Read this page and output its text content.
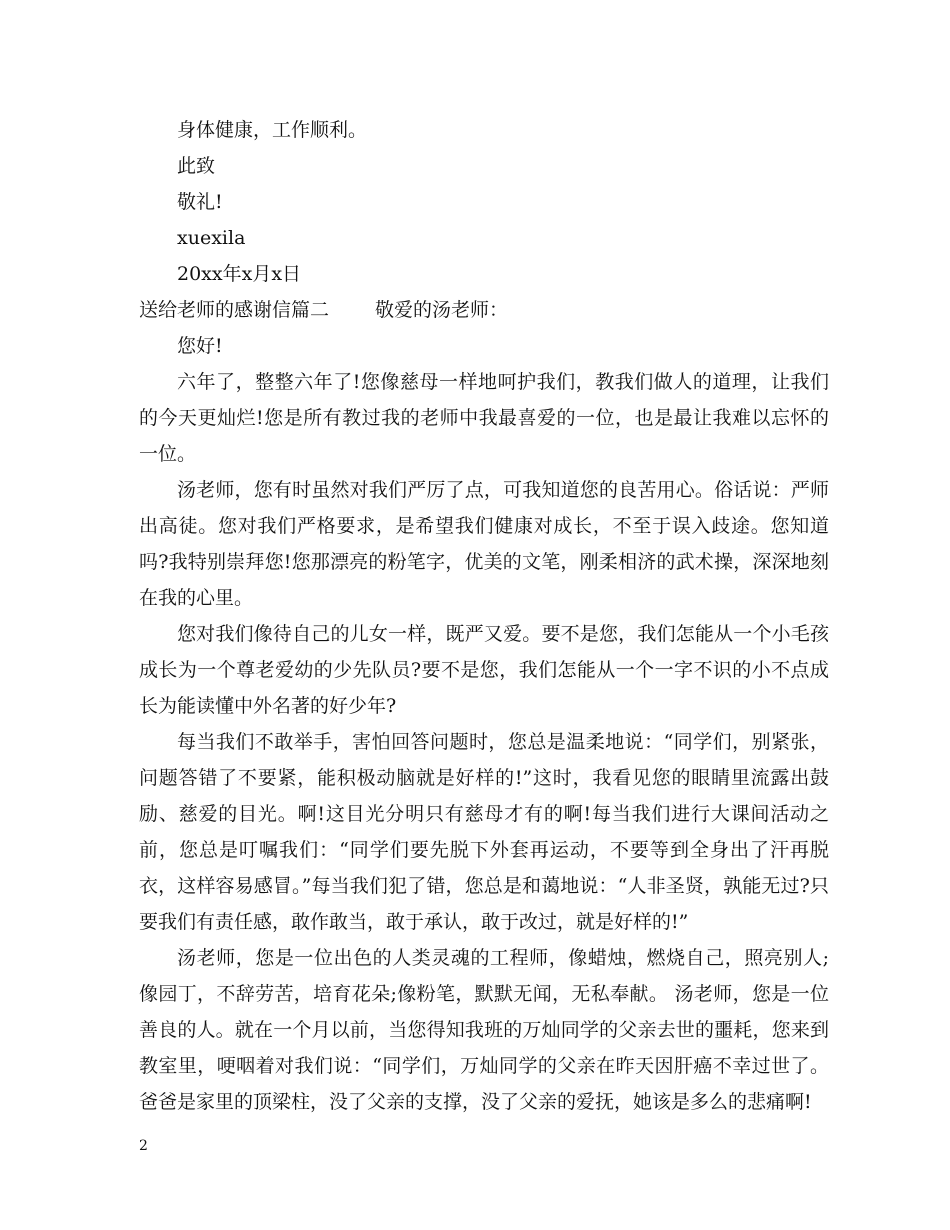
身体健康，工作顺利。

此致

敬礼!

xuexila

20xx年x月x日

送给老师的感谢信篇二 敬爱的汤老师：

您好!

六年了，整整六年了!您像慈母一样地呵护我们，教我们做人的道理，让我们的今天更灿烂!您是所有教过我的老师中我最喜爱的一位，也是最让我难以忘怀的一位。

汤老师，您有时虽然对我们严厉了点，可我知道您的良苦用心。俗话说：严师出高徒。您对我们严格要求，是希望我们健康对成长，不至于误入歧途。您知道吗?我特别崇拜您!您那漂亮的粉笔字，优美的文笔，刚柔相济的武术操，深深地刻在我的心里。

您对我们像待自己的儿女一样，既严又爱。要不是您，我们怎能从一个小毛孩成长为一个尊老爱幼的少先队员?要不是您，我们怎能从一个一字不识的小不点成长为能读懂中外名著的好少年?

每当我们不敢举手，害怕回答问题时，您总是温柔地说：“同学们，别紧张，问题答错了不要紧，能积极动脑就是好样的!”这时，我看见您的眼睛里流露出鼓励、慈爱的目光。啊!这目光分明只有慈母才有的啊!每当我们进行大课间活动之前，您总是叮嘱我们：“同学们要先脱下外套再运动，不要等到全身出了汗再脱衣，这样容易感冒。”每当我们犯了错，您总是和蔼地说：“人非圣贤，孰能无过?只要我们有责任感，敢作敢当，敢于承认，敢于改过，就是好样的!”

汤老师，您是一位出色的人类灵魂的工程师，像蜡烛，燃烧自己，照亮别人;像园丁，不辞劳苦，培育花朵;像粉笔，默默无闻，无私奉献。 汤老师，您是一位善良的人。就在一个月以前，当您得知我班的万灿同学的父亲去世的噩耗，您来到教室里，哽咽着对我们说：“同学们，万灿同学的父亲在昨天因肝癌不幸过世了。爸爸是家里的顶梁柱，没了父亲的支撑，没了父亲的爱抚，她该是多么的悲痛啊!

2
